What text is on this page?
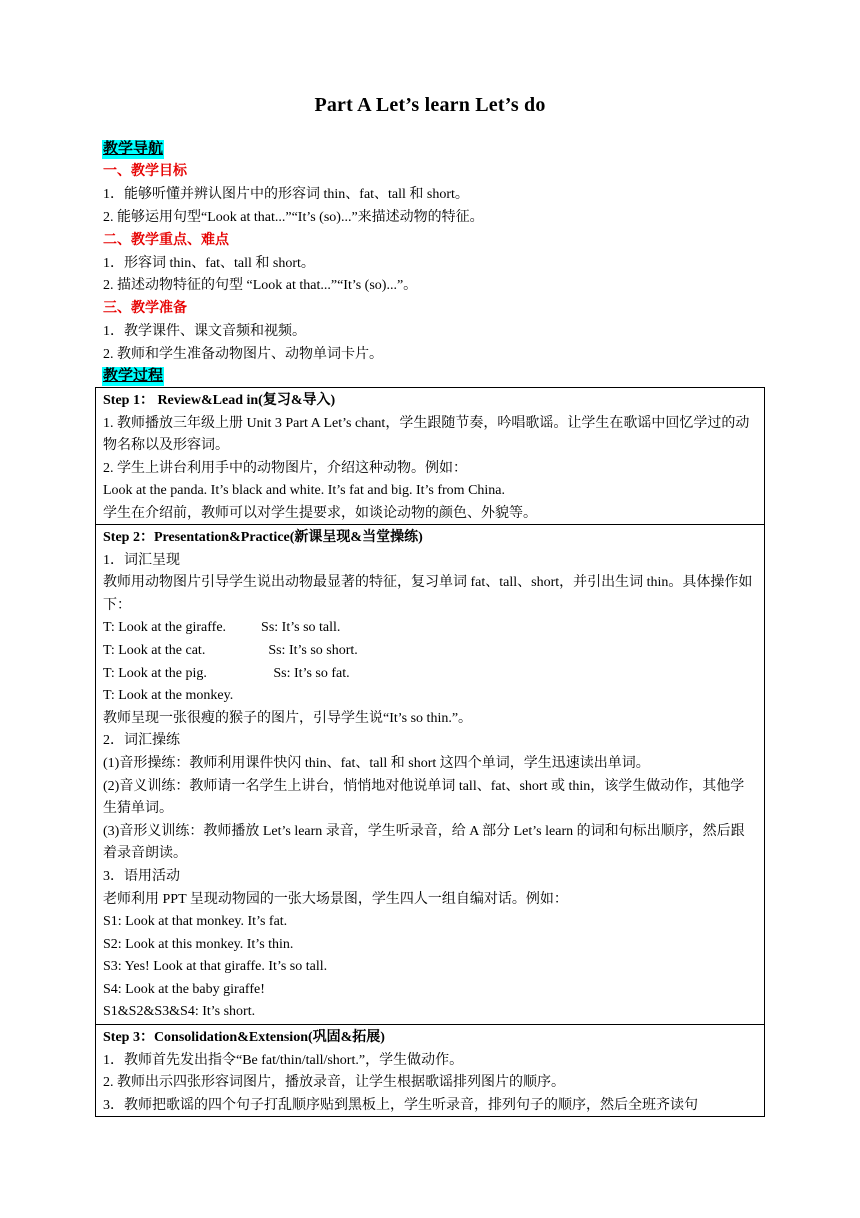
Part A Let’s learn Let’s do
教学导航
一、教学目标
1．能够听懂并辨认图片中的形容词 thin、fat、tall 和 short。
2. 能够运用句型“Look at that...”“It’s (so)...”来描述动物的特征。
二、教学重点、难点
1．形容词 thin、fat、tall 和 short。
2. 描述动物特征的句型 “Look at that...”“It’s (so)...”。
三、教学准备
1．教学课件、课文音频和视频。
2. 教师和学生准备动物图片、动物单词卡片。
教学过程
Step 1： Review&Lead in(复习&导入)
1. 教师播放三年级上册 Unit 3 Part A Let’s chant，学生跟随节奏，吟唱歌谣。让学生在歌谣中回忆学过的动物名称以及形容词。
2. 学生上讲台利用手中的动物图片，介绍这种动物。例如：
Look at the panda. It’s black and white. It’s fat and big. It’s from China.
学生在介绍前，教师可以对学生提要求，如谈论动物的颜色、外貌等。
Step 2：Presentation&Practice(新课呈现&当堂操练)
1．词汇呈现
教师用动物图片引导学生说出动物最显著的特征，复习单词 fat、tall、short，并引出生词 thin。具体操作如下：
T: Look at the giraffe.          Ss: It’s so tall.
T: Look at the cat.                  Ss: It’s so short.
T: Look at the pig.                   Ss: It’s so fat.
T: Look at the monkey.
教师呈现一张很瘦的猴子的图片，引导学生说“It’s so thin.”。
2．词汇操练
(1)音形操练：教师利用课件快闪 thin、fat、tall 和 short 这四个单词，学生迅速读出单词。
(2)音义训练：教师请一名学生上讲台，悄悄地对他说单词 tall、fat、short 或 thin，该学生做动作，其他学生猜单词。
(3)音形义训练：教师播放 Let’s learn 录音，学生听录音，给 A 部分 Let’s learn 的词和句标出顺序，然后跟着录音朗读。
3．语用活动
老师利用 PPT 呈现动物园的一张大场景图，学生四人一组自编对话。例如：
S1: Look at that monkey. It’s fat.
S2: Look at this monkey. It’s thin.
S3: Yes! Look at that giraffe. It’s so tall.
S4: Look at the baby giraffe!
S1&S2&S3&S4: It’s short.
Step 3：Consolidation&Extension(巩固&拓展)
1．教师首先发出指令“Be fat/thin/tall/short.”，学生做动作。
2. 教师出示四张形容词图片，播放录音，让学生根据歌谣排列图片的顺序。
3．教师把歌谣的四个句子打乱顺序贴到黑板上，学生听录音，排列句子的顺序，然后全班齐读句
